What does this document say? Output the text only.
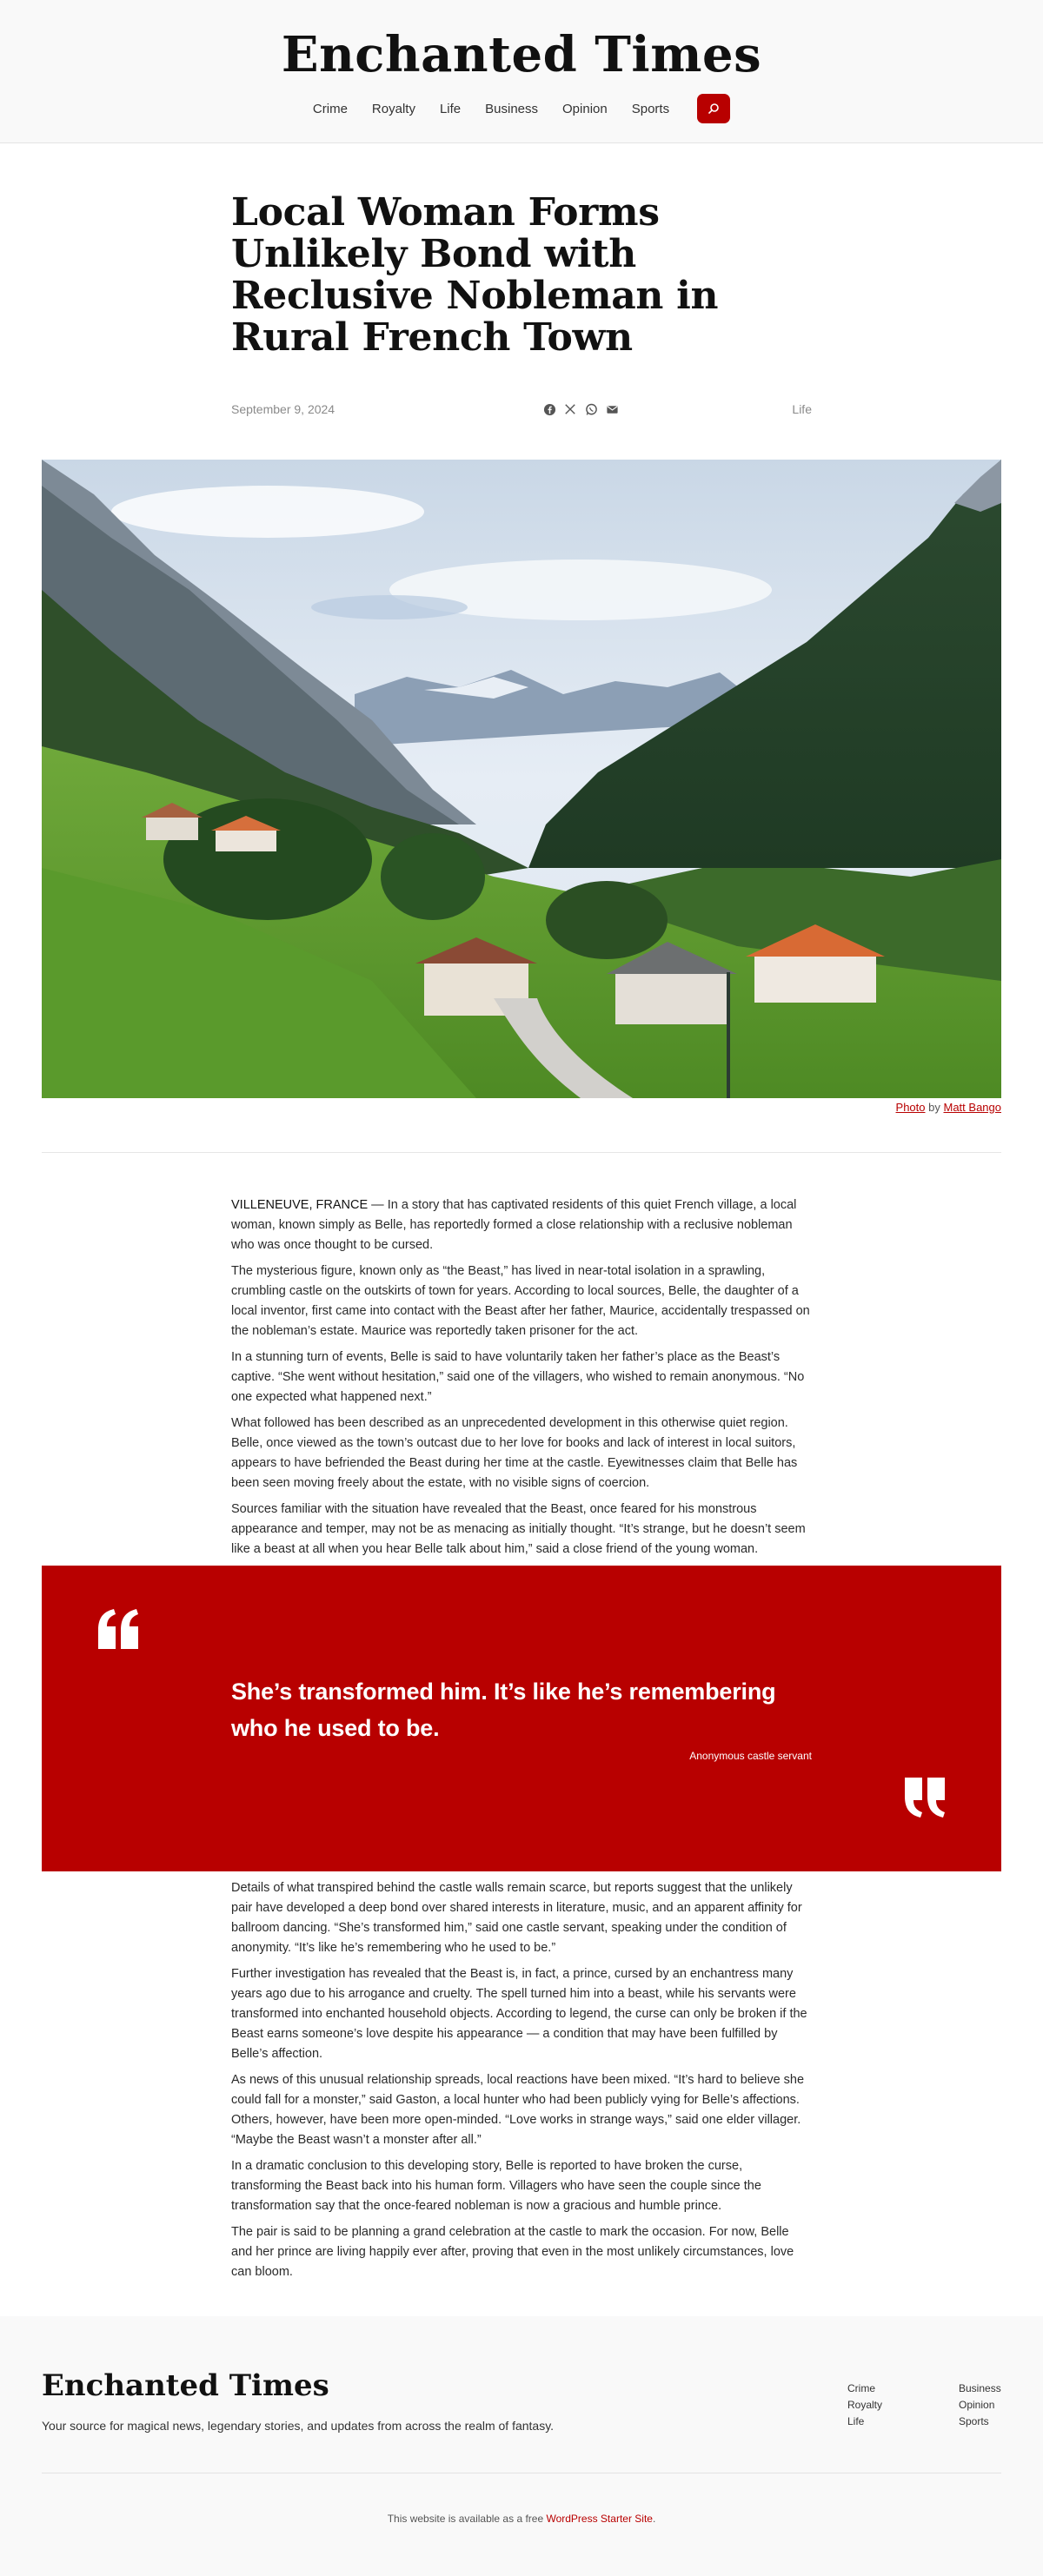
Enchanted Times
Crime Royalty Life Business Opinion Sports
Local Woman Forms Unlikely Bond with Reclusive Nobleman in Rural French Town
September 9, 2024	Life
Photo by Matt Bango

VILLENEUVE, FRANCE — In a story that has captivated residents of this quiet French village, a local woman, known simply as Belle, has reportedly formed a close relationship with a reclusive nobleman who was once thought to be cursed.

The mysterious figure, known only as “the Beast,” has lived in near-total isolation in a sprawling, crumbling castle on the outskirts of town for years. According to local sources, Belle, the daughter of a local inventor, first came into contact with the Beast after her father, Maurice, accidentally trespassed on the nobleman’s estate. Maurice was reportedly taken prisoner for the act.

In a stunning turn of events, Belle is said to have voluntarily taken her father’s place as the Beast’s captive. “She went without hesitation,” said one of the villagers, who wished to remain anonymous. “No one expected what happened next.”

What followed has been described as an unprecedented development in this otherwise quiet region. Belle, once viewed as the town’s outcast due to her love for books and lack of interest in local suitors, appears to have befriended the Beast during her time at the castle. Eyewitnesses claim that Belle has been seen moving freely about the estate, with no visible signs of coercion.

Sources familiar with the situation have revealed that the Beast, once feared for his monstrous appearance and temper, may not be as menacing as initially thought. “It’s strange, but he doesn’t seem like a beast at all when you hear Belle talk about him,” said a close friend of the young woman.

She’s transformed him. It’s like he’s remembering who he used to be.

Anonymous castle servant

Details of what transpired behind the castle walls remain scarce, but reports suggest that the unlikely pair have developed a deep bond over shared interests in literature, music, and an apparent affinity for ballroom dancing. “She’s transformed him,” said one castle servant, speaking under the condition of anonymity. “It’s like he’s remembering who he used to be.”

Further investigation has revealed that the Beast is, in fact, a prince, cursed by an enchantress many years ago due to his arrogance and cruelty. The spell turned him into a beast, while his servants were transformed into enchanted household objects. According to legend, the curse can only be broken if the Beast earns someone’s love despite his appearance — a condition that may have been fulfilled by Belle’s affection.

As news of this unusual relationship spreads, local reactions have been mixed. “It’s hard to believe she could fall for a monster,” said Gaston, a local hunter who had been publicly vying for Belle’s affections. Others, however, have been more open-minded. “Love works in strange ways,” said one elder villager. “Maybe the Beast wasn’t a monster after all.”

In a dramatic conclusion to this developing story, Belle is reported to have broken the curse, transforming the Beast back into his human form. Villagers who have seen the couple since the transformation say that the once-feared nobleman is now a gracious and humble prince.

The pair is said to be planning a grand celebration at the castle to mark the occasion. For now, Belle and her prince are living happily ever after, proving that even in the most unlikely circumstances, love can bloom.

Enchanted Times

Your source for magical news, legendary stories, and updates from across the realm of fantasy.

Crime
Royalty
Life
Business
Opinion
Sports

This website is available as a free WordPress Starter Site.
